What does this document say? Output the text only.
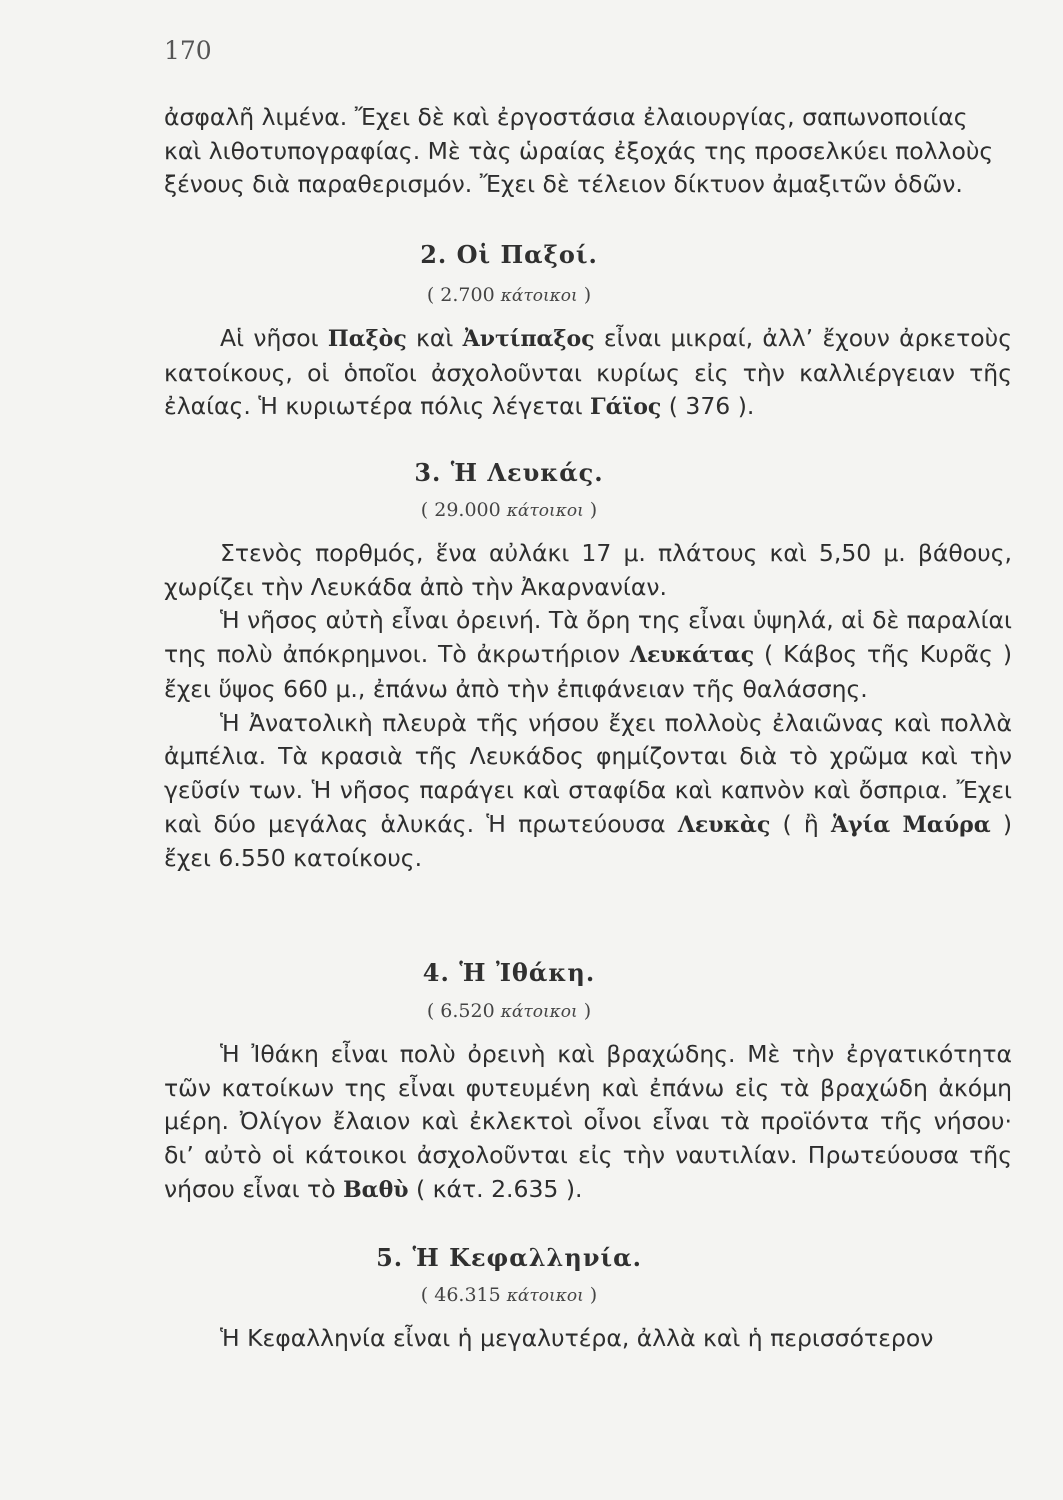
170

ἀσφαλῆ λιμένα. Ἔχει δὲ καὶ ἐργοστάσια ἐλαιουργίας, σαπωνοποιίας

καὶ λιθοτυπογραφίας. Μὲ τὰς ὡραίας ἐξοχάς της προσελκύει πολλοὺς

ξένους διὰ παραθερισμόν. Ἔχει δὲ τέλειον δίκτυον ἀμαξιτῶν ὁδῶν.

2. Οἱ Παξοί.
( 2.700 κάτοικοι )

Αἱ νῆσοι Παξὸς καὶ Ἀντίπαξος εἶναι μικραί, ἀλλ’ ἔχουν ἀρκετοὺς κατοίκους, οἱ ὁποῖοι ἀσχολοῦνται κυρίως εἰς τὴν καλλιέργειαν τῆς ἐλαίας. Ἡ κυριωτέρα πόλις λέγεται Γάϊος ( 376 ).

3. Ἡ Λευκάς.
( 29.000 κάτοικοι )

Στενὸς πορθμός, ἕνα αὐλάκι 17 μ. πλάτους καὶ 5,50 μ. βάθους, χωρίζει τὴν Λευκάδα ἀπὸ τὴν Ἀκαρνανίαν.

Ἡ νῆσος αὐτὴ εἶναι ὀρεινή. Τὰ ὄρη της εἶναι ὑψηλά, αἱ δὲ παραλίαι της πολὺ ἀπόκρημνοι. Τὸ ἀκρωτήριον Λευκάτας ( Κάβος τῆς Κυρᾶς ) ἔχει ὕψος 660 μ., ἐπάνω ἀπὸ τὴν ἐπιφάνειαν τῆς θαλάσσης.

Ἡ Ἀνατολικὴ πλευρὰ τῆς νήσου ἔχει πολλοὺς ἐλαιῶνας καὶ πολλὰ ἀμπέλια. Τὰ κρασιὰ τῆς Λευκάδος φημίζονται διὰ τὸ χρῶμα καὶ τὴν γεῦσίν των. Ἡ νῆσος παράγει καὶ σταφίδα καὶ καπνὸν καὶ ὄσπρια. Ἔχει καὶ δύο μεγάλας ἁλυκάς. Ἡ πρωτεύουσα Λευκὰς ( ἢ Ἁγία Μαύρα ) ἔχει 6.550 κατοίκους.

4. Ἡ Ἰθάκη.
( 6.520 κάτοικοι )

Ἡ Ἰθάκη εἶναι πολὺ ὀρεινὴ καὶ βραχώδης. Μὲ τὴν ἐργατικότητα τῶν κατοίκων της εἶναι φυτευμένη καὶ ἐπάνω εἰς τὰ βραχώδη ἀκόμη μέρη. Ὀλίγον ἔλαιον καὶ ἐκλεκτοὶ οἶνοι εἶναι τὰ προϊόντα τῆς νήσου· δι’ αὐτὸ οἱ κάτοικοι ἀσχολοῦνται εἰς τὴν ναυτιλίαν. Πρωτεύουσα τῆς νήσου εἶναι τὸ Βαθὺ ( κάτ. 2.635 ).

5. Ἡ Κεφαλληνία.
( 46.315 κάτοικοι )

Ἡ Κεφαλληνία εἶναι ἡ μεγαλυτέρα, ἀλλὰ καὶ ἡ περισσότερον
